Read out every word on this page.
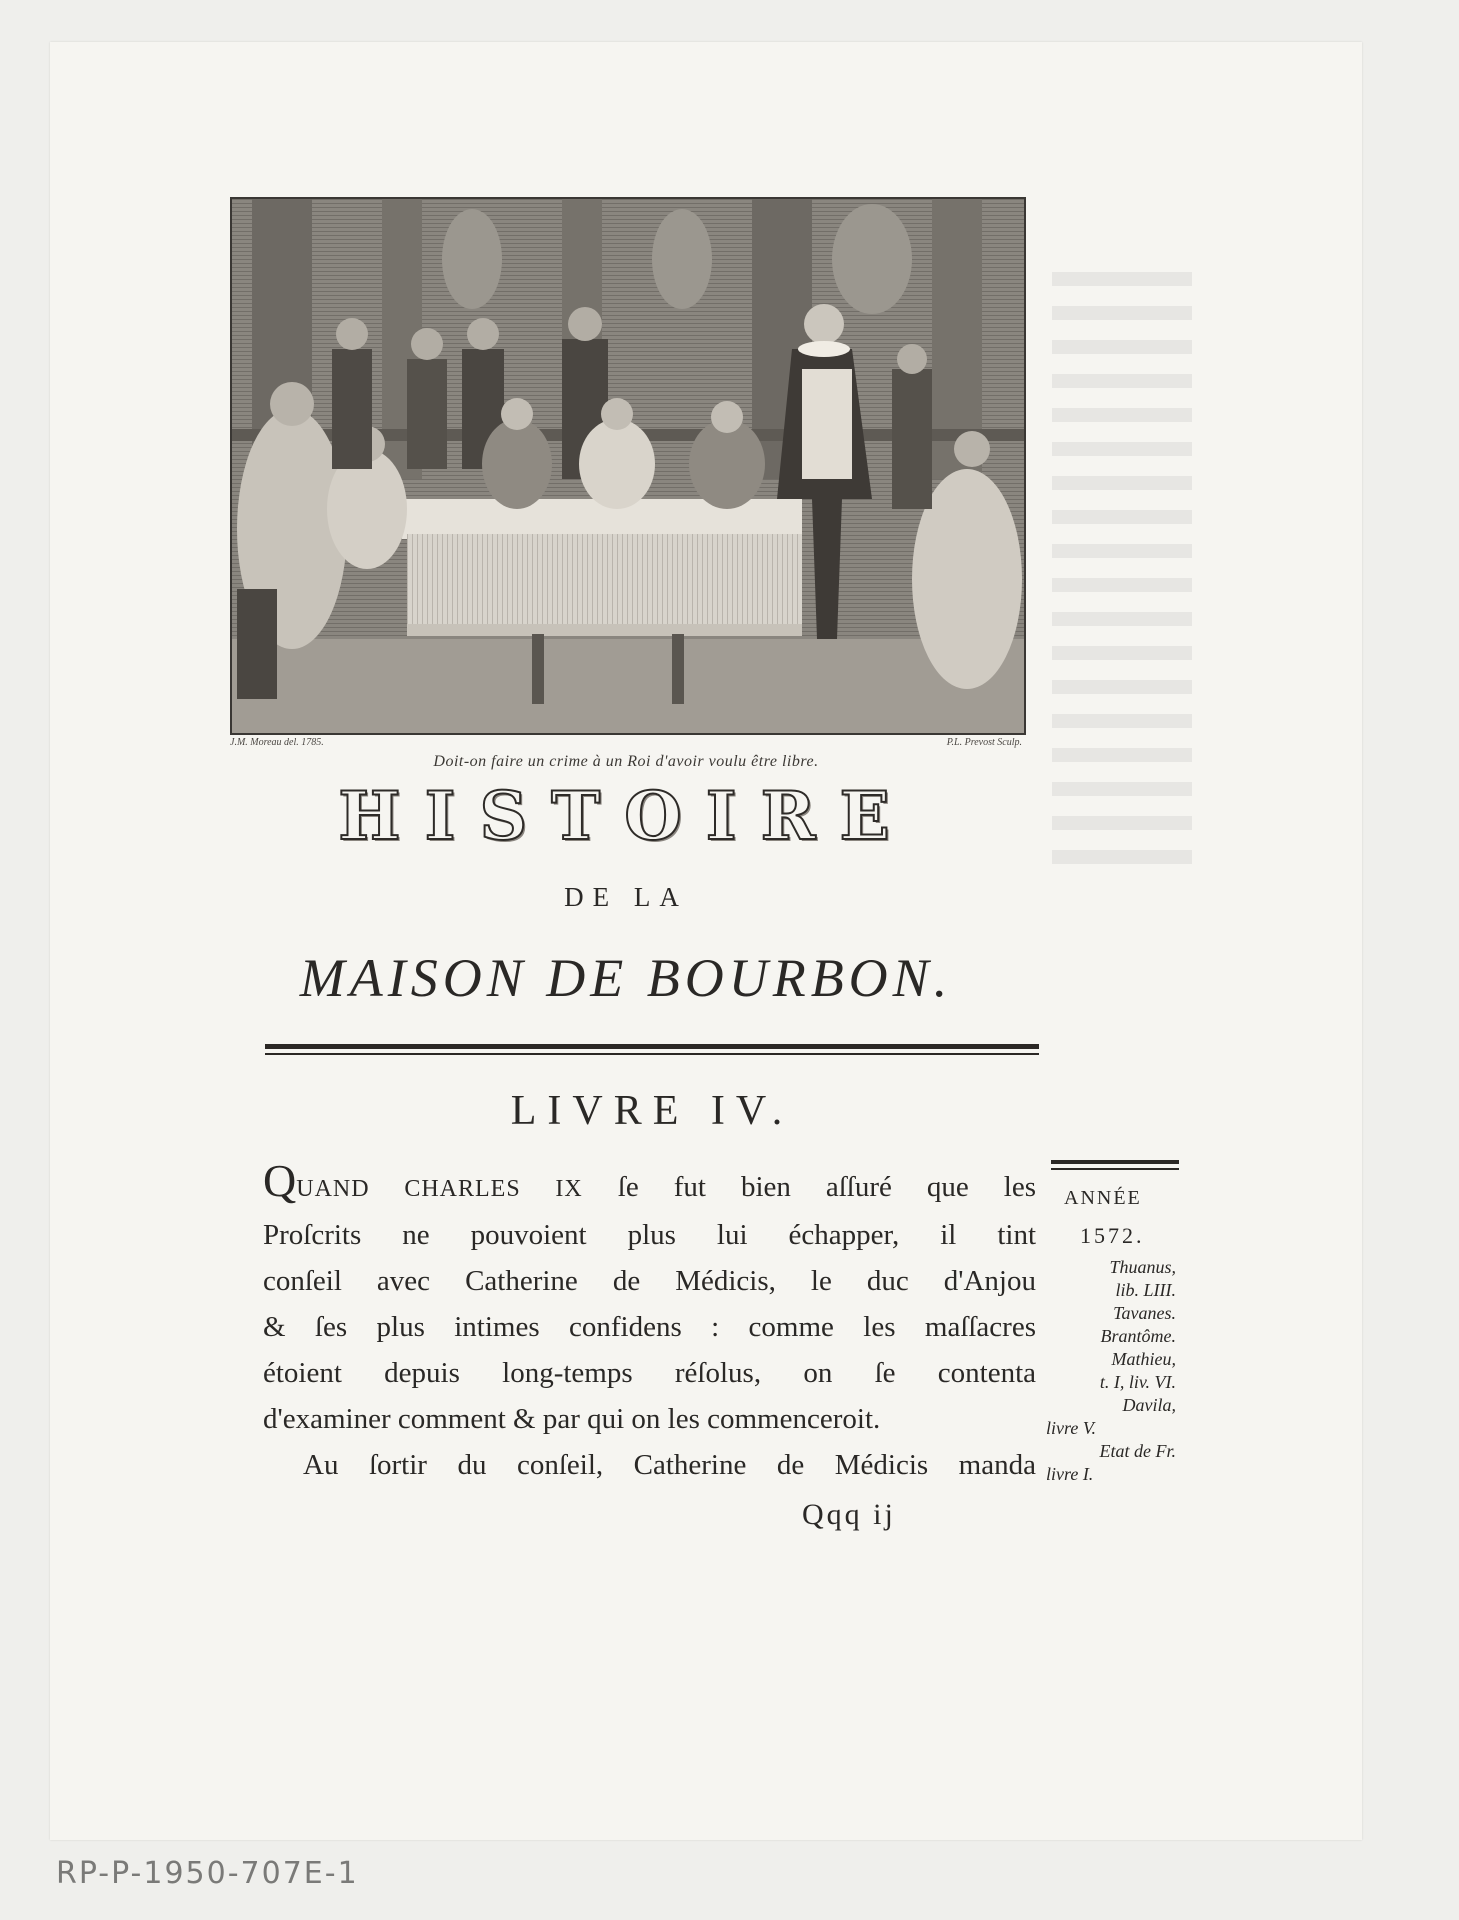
J.M. Moreau del. 1785.	P.L. Prevost Sculp.
Doit-on faire un crime à un Roi d'avoir voulu être libre.
HISTOIRE
DE LA
MAISON DE BOURBON.
LIVRE IV.
QUAND CHARLES IX ſe fut bien aſſuré que les
Proſcrits ne pouvoient plus lui échapper, il tint
conſeil avec Catherine de Médicis, le duc d'Anjou
& ſes plus intimes confidens : comme les maſſacres
étoient depuis long-temps réſolus, on ſe contenta
d'examiner comment & par qui on les commenceroit.
Au ſortir du conſeil, Catherine de Médicis manda
Qqq ij
ANNÉE
1572.
Thuanus,
lib. LIII.
Tavanes.
Brantôme.
Mathieu,
t. I, liv. VI.
Davila,
livre V.
Etat de Fr.
livre I.
RP-P-1950-707E-1
